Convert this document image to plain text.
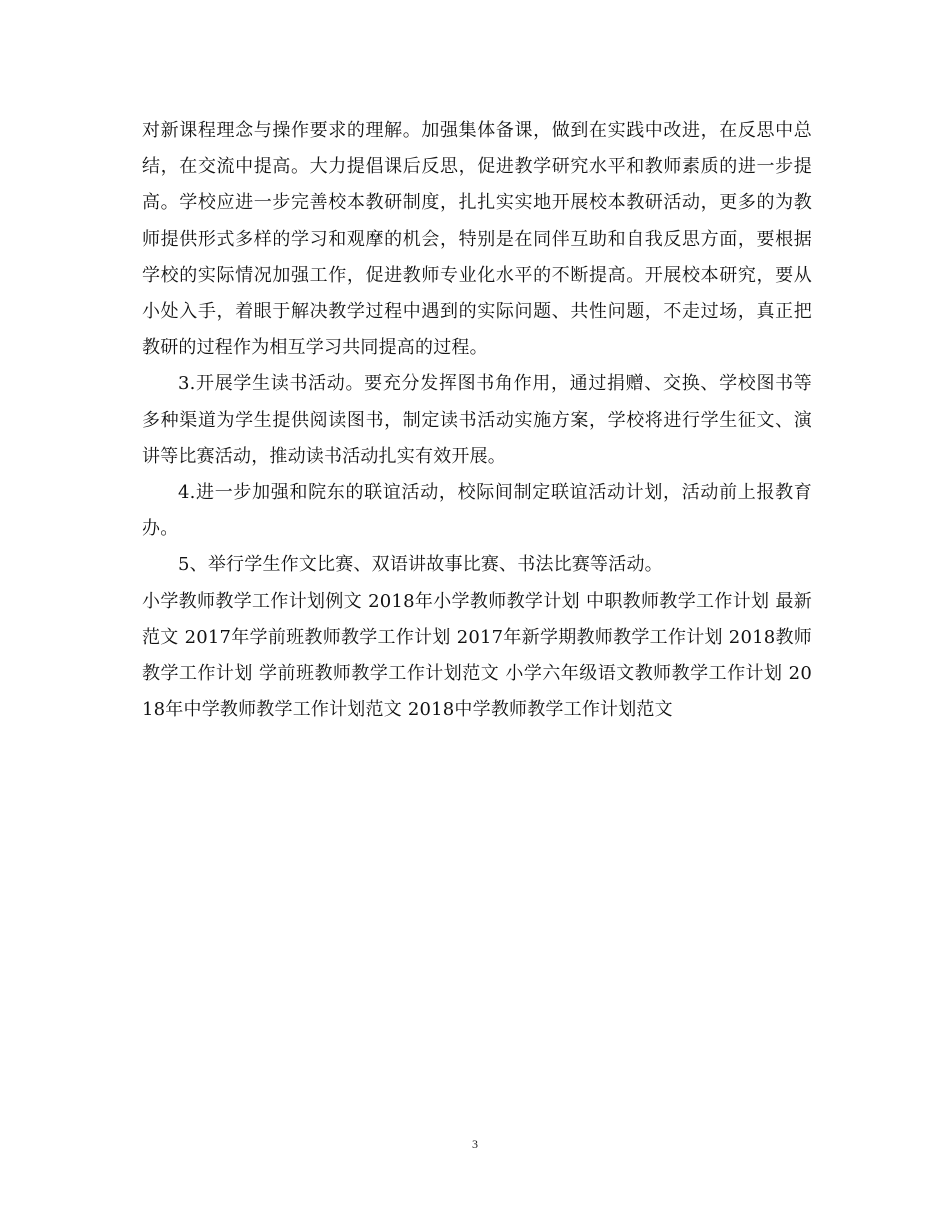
对新课程理念与操作要求的理解。加强集体备课，做到在实践中改进，在反思中总结，在交流中提高。大力提倡课后反思，促进教学研究水平和教师素质的进一步提高。学校应进一步完善校本教研制度，扎扎实实地开展校本教研活动，更多的为教师提供形式多样的学习和观摩的机会，特别是在同伴互助和自我反思方面，要根据学校的实际情况加强工作，促进教师专业化水平的不断提高。开展校本研究，要从小处入手，着眼于解决教学过程中遇到的实际问题、共性问题，不走过场，真正把教研的过程作为相互学习共同提高的过程。

3.开展学生读书活动。要充分发挥图书角作用，通过捐赠、交换、学校图书等多种渠道为学生提供阅读图书，制定读书活动实施方案，学校将进行学生征文、演讲等比赛活动，推动读书活动扎实有效开展。

4.进一步加强和院东的联谊活动，校际间制定联谊活动计划，活动前上报教育办。

5、举行学生作文比赛、双语讲故事比赛、书法比赛等活动。

小学教师教学工作计划例文 2018年小学教师教学计划 中职教师教学工作计划 最新范文 2017年学前班教师教学工作计划 2017年新学期教师教学工作计划 2018教师教学工作计划 学前班教师教学工作计划范文 小学六年级语文教师教学工作计划 2018年中学教师教学工作计划范文 2018中学教师教学工作计划范文

3
